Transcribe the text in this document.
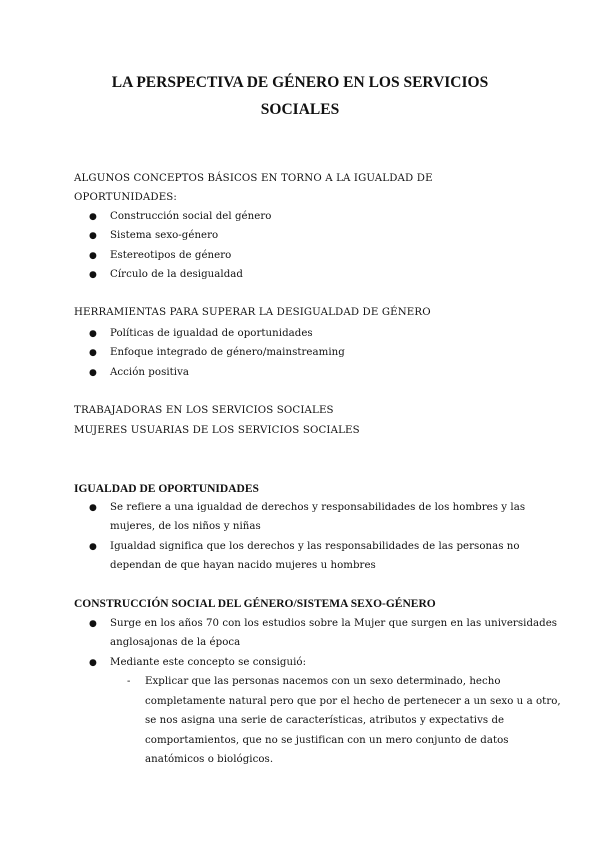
LA PERSPECTIVA DE GÉNERO EN LOS SERVICIOS
SOCIALES

ALGUNOS CONCEPTOS BÁSICOS EN TORNO A LA IGUALDAD DE

OPORTUNIDADES:

● Construcción social del género

● Sistema sexo-género

● Estereotipos de género

● Círculo de la desigualdad

HERRAMIENTAS PARA SUPERAR LA DESIGUALDAD DE GÉNERO

● Políticas de igualdad de oportunidades

● Enfoque integrado de género/mainstreaming

● Acción positiva

TRABAJADORAS EN LOS SERVICIOS SOCIALES

MUJERES USUARIAS DE LOS SERVICIOS SOCIALES

IGUALDAD DE OPORTUNIDADES

● Se refiere a una igualdad de derechos y responsabilidades de los hombres y las

mujeres, de los niños y niñas

● Igualdad significa que los derechos y las responsabilidades de las personas no

dependan de que hayan nacido mujeres u hombres

CONSTRUCCIÓN SOCIAL DEL GÉNERO/SISTEMA SEXO-GÉNERO

● Surge en los años 70 con los estudios sobre la Mujer que surgen en las universidades

anglosajonas de la época

● Mediante este concepto se consiguió:

- Explicar que las personas nacemos con un sexo determinado, hecho

completamente natural pero que por el hecho de pertenecer a un sexo u a otro,

se nos asigna una serie de características, atributos y expectativs de

comportamientos, que no se justifican con un mero conjunto de datos

anatómicos o biológicos.
